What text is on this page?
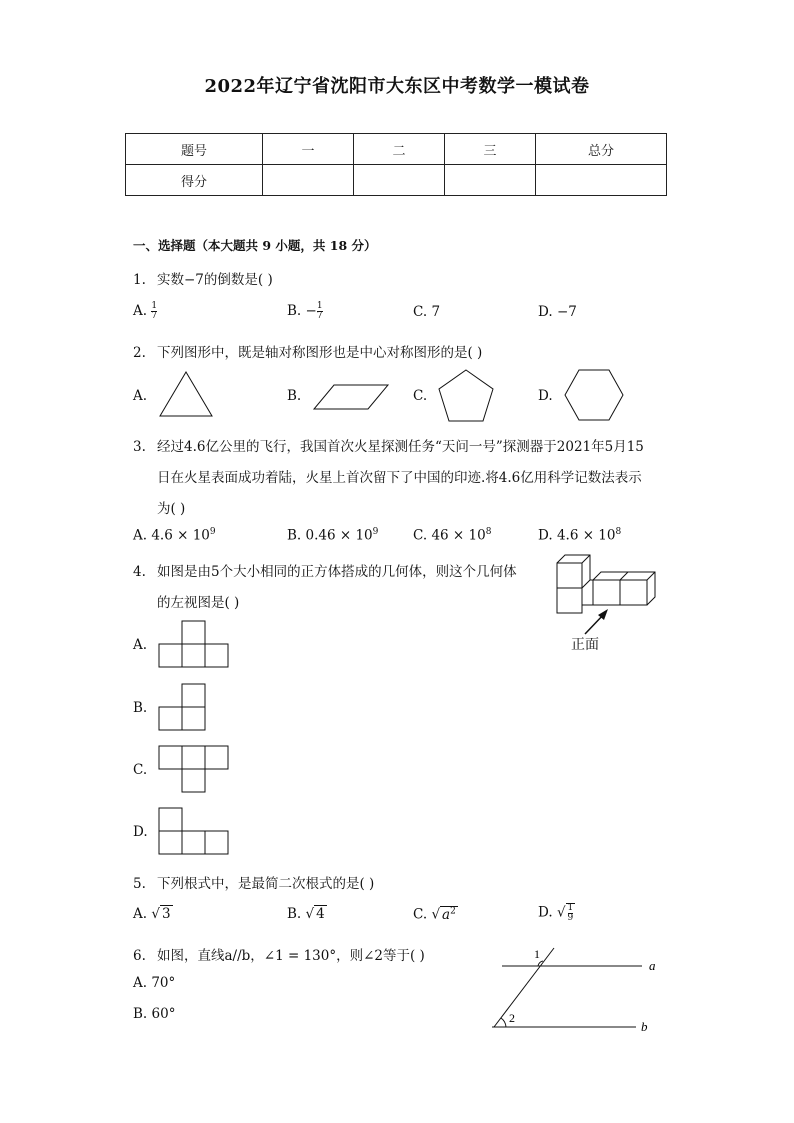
2022年辽宁省沈阳市大东区中考数学一模试卷
题号	一	二	三	总分
得分				
一、选择题（本大题共 9 小题，共 18 分）
1. 实数−7的倒数是( )
A. $\frac{1}{7}$	B. − $\frac{1}{7}$	C. 7	D. −7
2. 下列图形中，既是轴对称图形也是中心对称图形的是( )
A.	B.	C.	D.
3. 经过4.6亿公里的飞行，我国首次火星探测任务“天问一号”探测器于2021年5月15
日在火星表面成功着陆，火星上首次留下了中国的印迹.将4.6亿用科学记数法表示
为( )
A. $4.6 \times 10^9$	B. $0.46 \times 10^9$	C. $46 \times 10^8$	D. $4.6 \times 10^8$
4. 如图是由5个大小相同的正方体搭成的几何体，则这个几何体
的左视图是( )
正面
A.
B.
C.
D.
5. 下列根式中，是最简二次根式的是( )
A. √ 3	B. √ 4	C. √ $a^2$	D. √ $\frac{1}{9}$
6. 如图，直线a//b，∠1 = 130°，则∠2等于( )
A. 70°
B. 60°
1
2
a
b
